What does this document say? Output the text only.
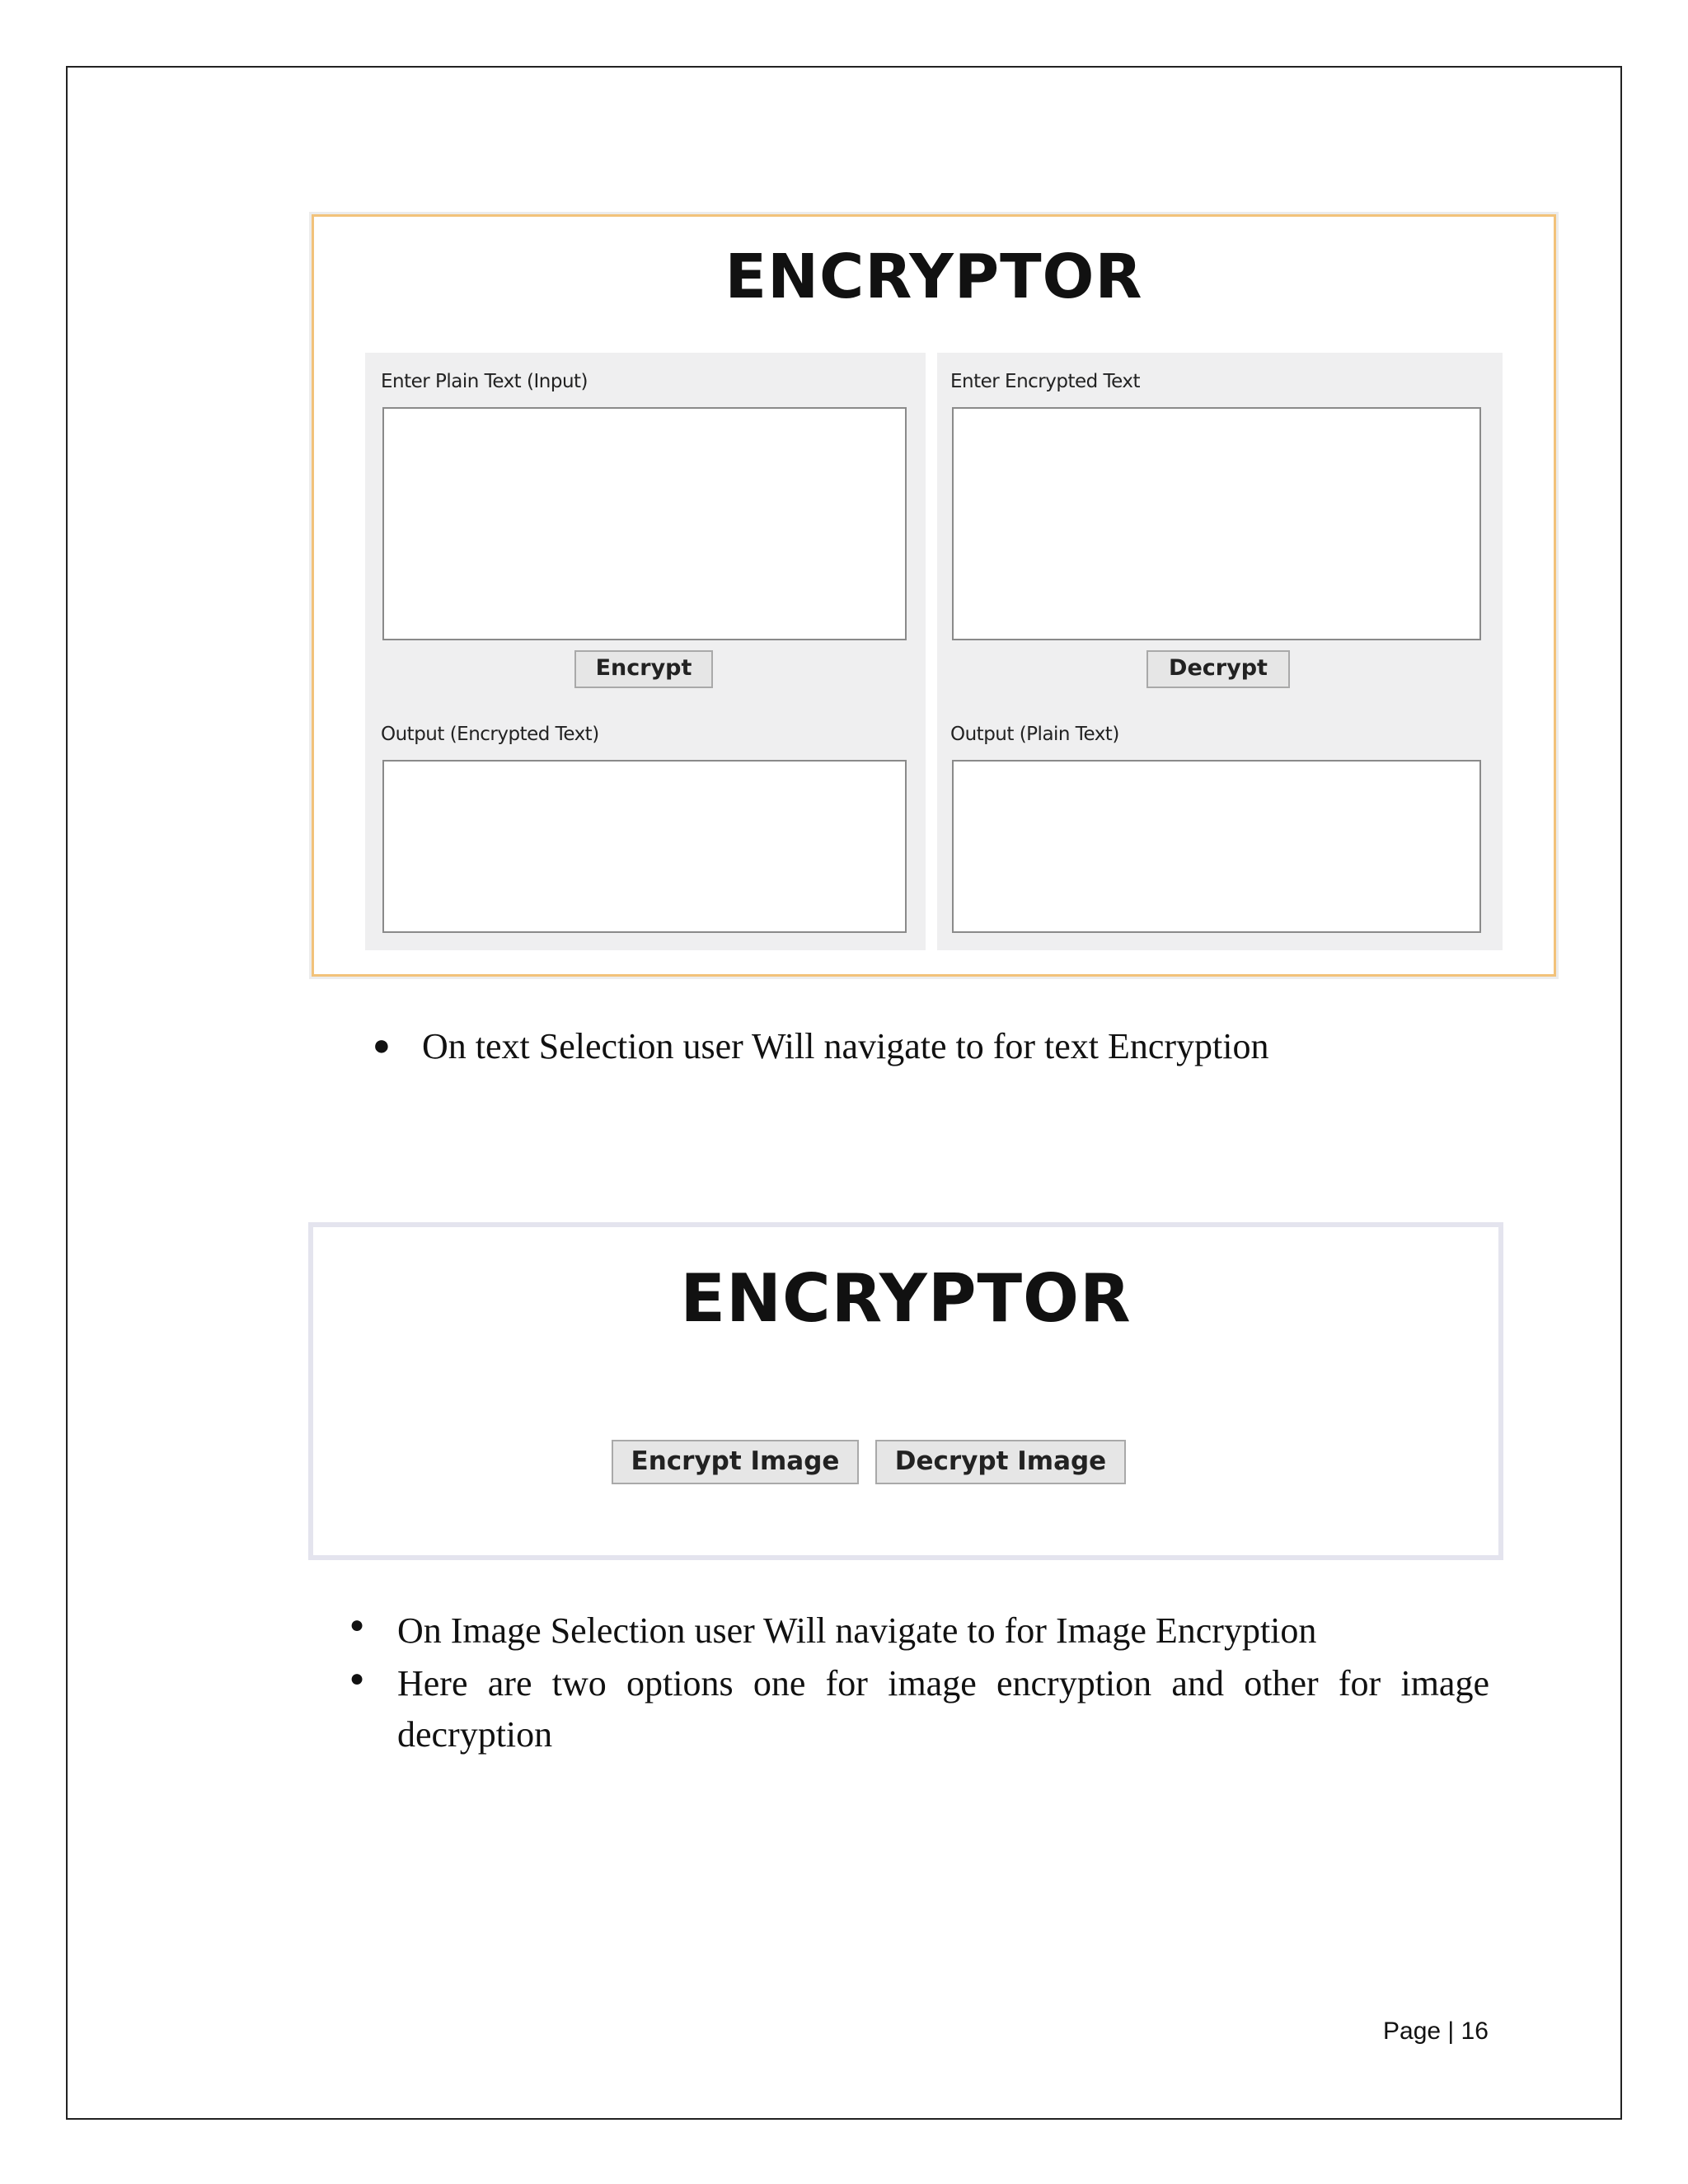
ENCRYPTOR
Enter Plain Text (Input)
Encrypt
Output (Encrypted Text)
Enter Encrypted Text
Decrypt
Output (Plain Text)
● On text Selection user Will navigate to for text Encryption
ENCRYPTOR
Encrypt Image	Decrypt Image
● On Image Selection user Will navigate to for Image Encryption
● Here are two options one for image encryption and other for image decryption
Page | 16
